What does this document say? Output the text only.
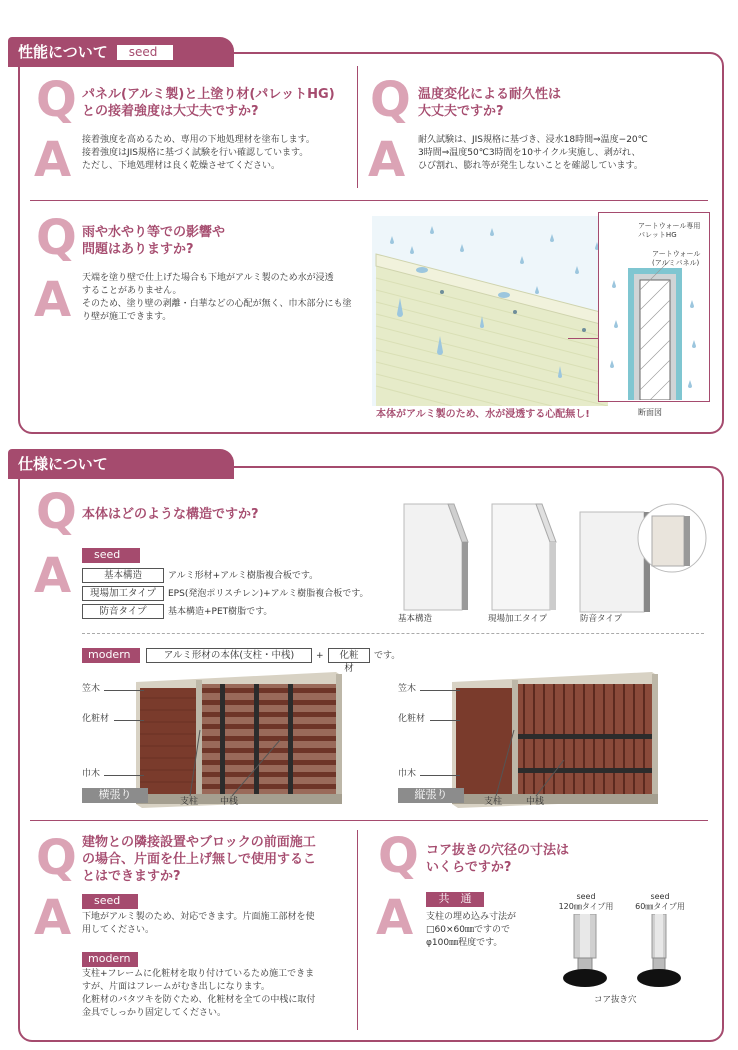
性能について seed
Q パネル(アルミ製)と上塗り材(パレットHG)
との接着強度は大丈夫ですか?
A 接着強度を高めるため、専用の下地処理材を塗布します。
接着強度はJIS規格に基づく試験を行い確認しています。
ただし、下地処理材は良く乾燥させてください。
Q 温度変化による耐久性は
大丈夫ですか?
A 耐久試験は、JIS規格に基づき、浸水18時間⇒温度−20℃
3時間⇒温度50℃3時間を10サイクル実施し、剥がれ、
ひび割れ、膨れ等が発生しないことを確認しています。
Q 雨や水やり等での影響や
問題はありますか?
A 天端を塗り壁で仕上げた場合も下地がアルミ製のため水が浸透
することがありません。
そのため、塗り壁の剥離・白華などの心配が無く、巾木部分にも塗
り壁が施工できます。
本体がアルミ製のため、水が浸透する心配無し!
アートウォール専用
パレットHG
アートウォール
(アルミパネル)
断面図
仕様について
Q 本体はどのような構造ですか?
A	seed
基本構造	アルミ形材+アルミ樹脂複合板です。
現場加工タイプ	EPS(発泡ポリスチレン)+アルミ樹脂複合板です。
防音タイプ	基本構造+PET樹脂です。
基本構造	現場加工タイプ	防音タイプ
modern	アルミ形材の本体(支柱・中桟)	+	化粧材
です。
笠木
化粧材
巾木
横張り
支柱 中桟
笠木
化粧材
巾木
縦張り
支柱	中桟
Q 建物との隣接設置やブロックの前面施工
の場合、片面を仕上げ無しで使用するこ
とはできますか?
A	seed
下地がアルミ製のため、対応できます。片面施工部材を使
用してください。
modern
支柱+フレームに化粧材を取り付けているため施工できま
すが、片面はフレームがむき出しになります。
化粧材のバタツキを防ぐため、化粧材を全ての中桟に取付
金具でしっかり固定してください。
Q コア抜きの穴径の寸法は
いくらですか?
A	共　通
支柱の埋め込み寸法が
□60×60㎜ですので
φ100㎜程度です。
seed
120㎜タイプ用
seed
60㎜タイプ用
コア抜き穴
